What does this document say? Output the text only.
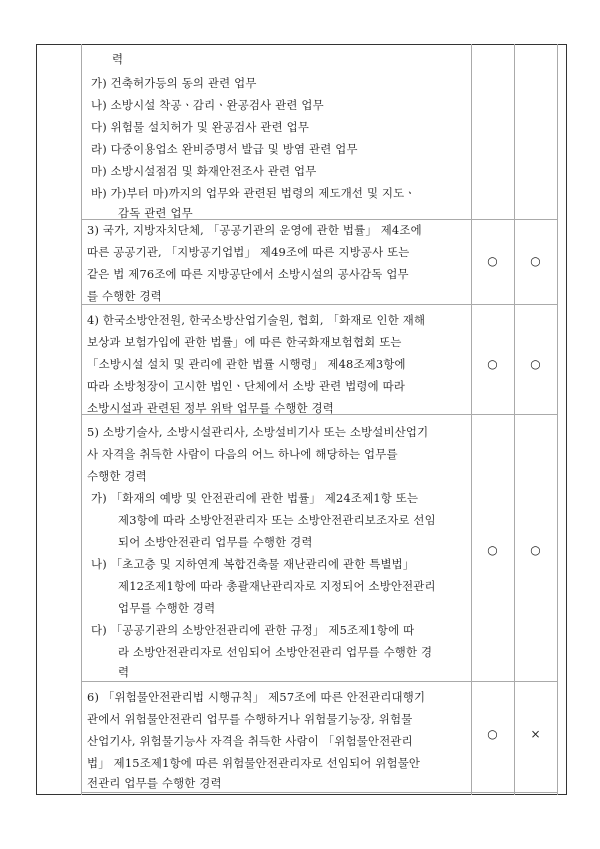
력
가) 건축허가등의 동의 관련 업무
나) 소방시설 착공ㆍ감리ㆍ완공검사 관련 업무
다) 위험물 설치허가 및 완공검사 관련 업무
라) 다중이용업소 완비증명서 발급 및 방염 관련 업무
마) 소방시설점검 및 화재안전조사 관련 업무
바) 가)부터 마)까지의 업무와 관련된 법령의 제도개선 및 지도ㆍ
감독 관련 업무
3) 국가, 지방자치단체, 「공공기관의 운영에 관한 법률」 제4조에
따른 공공기관, 「지방공기업법」 제49조에 따른 지방공사 또는
같은 법 제76조에 따른 지방공단에서 소방시설의 공사감독 업무
를 수행한 경력
○	○
4) 한국소방안전원, 한국소방산업기술원, 협회, 「화재로 인한 재해
보상과 보험가입에 관한 법률」에 따른 한국화재보험협회 또는
「소방시설 설치 및 관리에 관한 법률 시행령」 제48조제3항에
따라 소방청장이 고시한 법인ㆍ단체에서 소방 관련 법령에 따라
소방시설과 관련된 정부 위탁 업무를 수행한 경력
○	○
5) 소방기술사, 소방시설관리사, 소방설비기사 또는 소방설비산업기
사 자격을 취득한 사람이 다음의 어느 하나에 해당하는 업무를
수행한 경력
가) 「화재의 예방 및 안전관리에 관한 법률」 제24조제1항 또는
제3항에 따라 소방안전관리자 또는 소방안전관리보조자로 선임
되어 소방안전관리 업무를 수행한 경력
나) 「초고층 및 지하연계 복합건축물 재난관리에 관한 특별법」
제12조제1항에 따라 총괄재난관리자로 지정되어 소방안전관리
업무를 수행한 경력
다) 「공공기관의 소방안전관리에 관한 규정」 제5조제1항에 따
라 소방안전관리자로 선임되어 소방안전관리 업무를 수행한 경
력
○	○
6) 「위험물안전관리법 시행규칙」 제57조에 따른 안전관리대행기
관에서 위험물안전관리 업무를 수행하거나 위험물기능장, 위험물
산업기사, 위험물기능사 자격을 취득한 사람이 「위험물안전관리
법」 제15조제1항에 따른 위험물안전관리자로 선임되어 위험물안
전관리 업무를 수행한 경력
○	×
